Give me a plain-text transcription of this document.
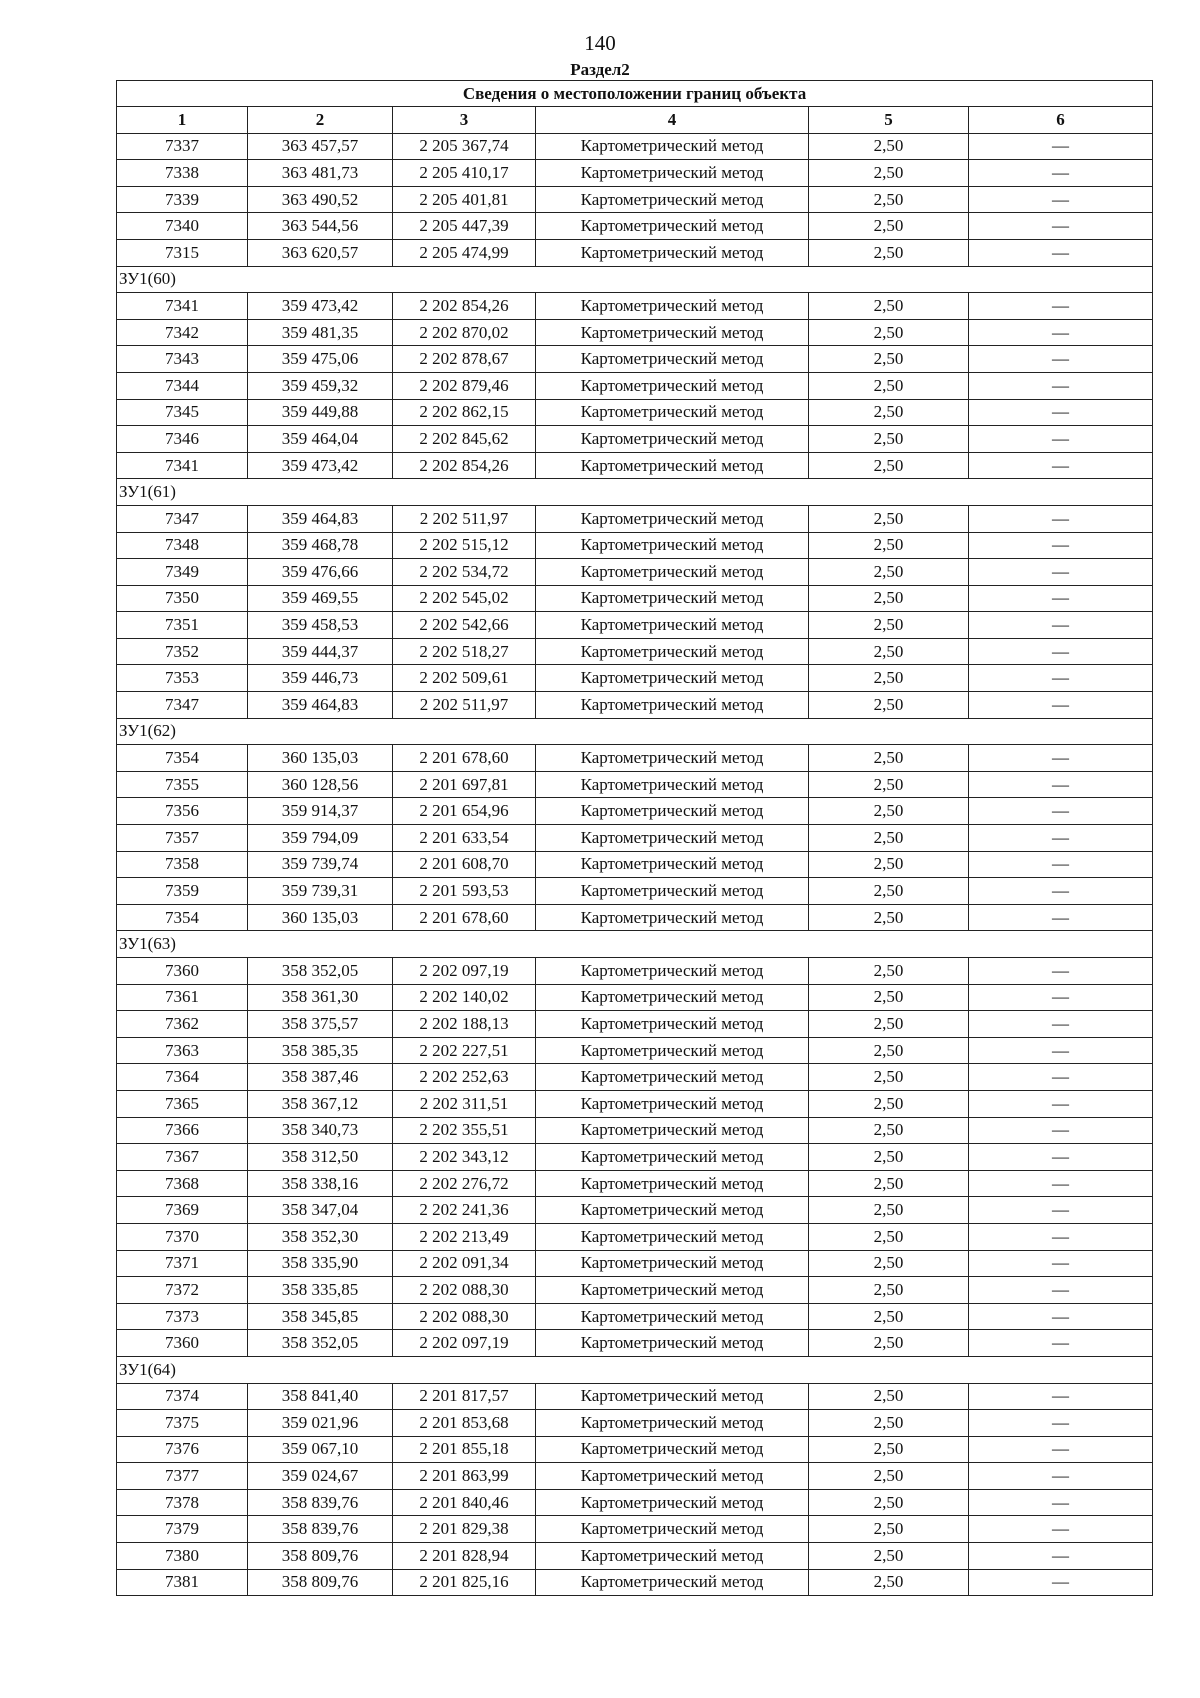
140
Раздел2
Сведения о местоположении границ объекта					
1	2	3	4	5	6
7337	363 457,57	2 205 367,74	Картометрический метод	2,50	—
7338	363 481,73	2 205 410,17	Картометрический метод	2,50	—
7339	363 490,52	2 205 401,81	Картометрический метод	2,50	—
7340	363 544,56	2 205 447,39	Картометрический метод	2,50	—
7315	363 620,57	2 205 474,99	Картометрический метод	2,50	—
ЗУ1(60)					
7341	359 473,42	2 202 854,26	Картометрический метод	2,50	—
7342	359 481,35	2 202 870,02	Картометрический метод	2,50	—
7343	359 475,06	2 202 878,67	Картометрический метод	2,50	—
7344	359 459,32	2 202 879,46	Картометрический метод	2,50	—
7345	359 449,88	2 202 862,15	Картометрический метод	2,50	—
7346	359 464,04	2 202 845,62	Картометрический метод	2,50	—
7341	359 473,42	2 202 854,26	Картометрический метод	2,50	—
ЗУ1(61)					
7347	359 464,83	2 202 511,97	Картометрический метод	2,50	—
7348	359 468,78	2 202 515,12	Картометрический метод	2,50	—
7349	359 476,66	2 202 534,72	Картометрический метод	2,50	—
7350	359 469,55	2 202 545,02	Картометрический метод	2,50	—
7351	359 458,53	2 202 542,66	Картометрический метод	2,50	—
7352	359 444,37	2 202 518,27	Картометрический метод	2,50	—
7353	359 446,73	2 202 509,61	Картометрический метод	2,50	—
7347	359 464,83	2 202 511,97	Картометрический метод	2,50	—
ЗУ1(62)					
7354	360 135,03	2 201 678,60	Картометрический метод	2,50	—
7355	360 128,56	2 201 697,81	Картометрический метод	2,50	—
7356	359 914,37	2 201 654,96	Картометрический метод	2,50	—
7357	359 794,09	2 201 633,54	Картометрический метод	2,50	—
7358	359 739,74	2 201 608,70	Картометрический метод	2,50	—
7359	359 739,31	2 201 593,53	Картометрический метод	2,50	—
7354	360 135,03	2 201 678,60	Картометрический метод	2,50	—
ЗУ1(63)					
7360	358 352,05	2 202 097,19	Картометрический метод	2,50	—
7361	358 361,30	2 202 140,02	Картометрический метод	2,50	—
7362	358 375,57	2 202 188,13	Картометрический метод	2,50	—
7363	358 385,35	2 202 227,51	Картометрический метод	2,50	—
7364	358 387,46	2 202 252,63	Картометрический метод	2,50	—
7365	358 367,12	2 202 311,51	Картометрический метод	2,50	—
7366	358 340,73	2 202 355,51	Картометрический метод	2,50	—
7367	358 312,50	2 202 343,12	Картометрический метод	2,50	—
7368	358 338,16	2 202 276,72	Картометрический метод	2,50	—
7369	358 347,04	2 202 241,36	Картометрический метод	2,50	—
7370	358 352,30	2 202 213,49	Картометрический метод	2,50	—
7371	358 335,90	2 202 091,34	Картометрический метод	2,50	—
7372	358 335,85	2 202 088,30	Картометрический метод	2,50	—
7373	358 345,85	2 202 088,30	Картометрический метод	2,50	—
7360	358 352,05	2 202 097,19	Картометрический метод	2,50	—
ЗУ1(64)					
7374	358 841,40	2 201 817,57	Картометрический метод	2,50	—
7375	359 021,96	2 201 853,68	Картометрический метод	2,50	—
7376	359 067,10	2 201 855,18	Картометрический метод	2,50	—
7377	359 024,67	2 201 863,99	Картометрический метод	2,50	—
7378	358 839,76	2 201 840,46	Картометрический метод	2,50	—
7379	358 839,76	2 201 829,38	Картометрический метод	2,50	—
7380	358 809,76	2 201 828,94	Картометрический метод	2,50	—
7381	358 809,76	2 201 825,16	Картометрический метод	2,50	—
